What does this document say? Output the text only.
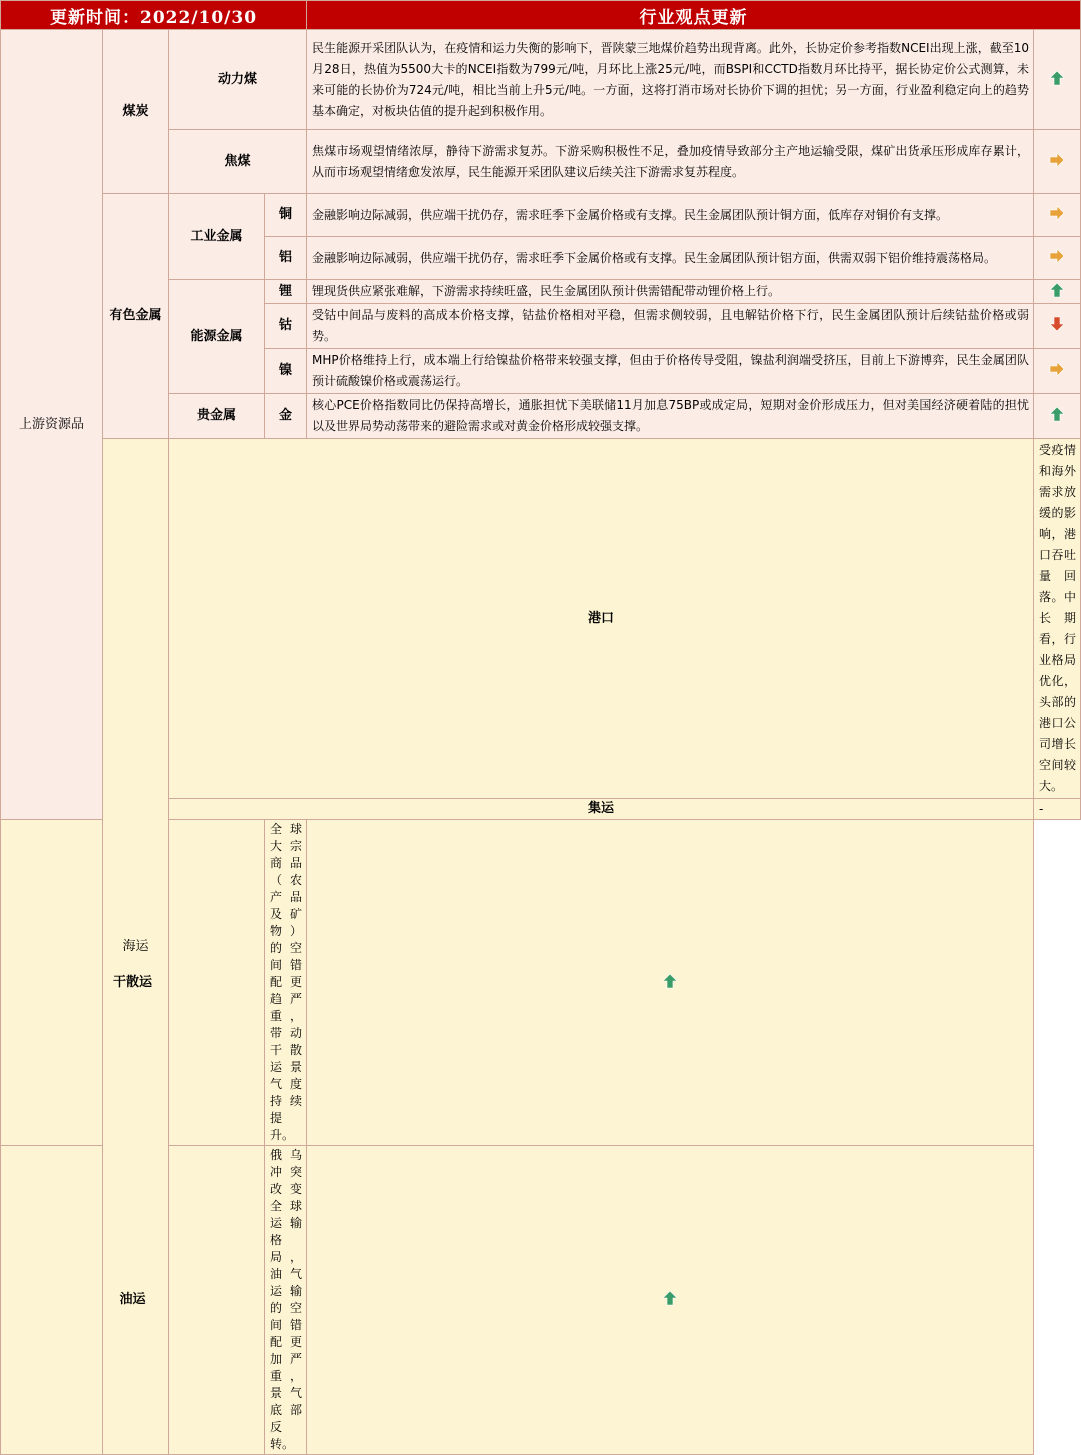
更新时间：2022/10/30				行业观点更新		
上游资源品	煤炭	动力煤		民生能源开采团队认为，在疫情和运力失衡的影响下，晋陕蒙三地煤价趋势出现背离。此外，长协定价参考指数NCEI出现上涨，截至10月28日，热值为5500大卡的NCEI指数为799元/吨，月环比上涨25元/吨，而BSPI和CCTD指数月环比持平，据长协定价公式测算，未来可能的长协价为724元/吨，相比当前上升5元/吨。一方面，这将打消市场对长协价下调的担忧；另一方面，行业盈利稳定向上的趋势基本确定，对板块估值的提升起到积极作用。	
		焦煤		焦煤市场观望情绪浓厚，静待下游需求复苏。下游采购积极性不足，叠加疫情导致部分主产地运输受限，煤矿出货承压形成库存累计，从而市场观望情绪愈发浓厚，民生能源开采团队建议后续关注下游需求复苏程度。	
	有色金属	工业金属	铜	金融影响边际减弱，供应端干扰仍存，需求旺季下金属价格或有支撑。民生金属团队预计铜方面，低库存对铜价有支撑。	
			铝	金融影响边际减弱，供应端干扰仍存，需求旺季下金属价格或有支撑。民生金属团队预计铝方面，供需双弱下铝价维持震荡格局。	
		能源金属	锂	锂现货供应紧张难解，下游需求持续旺盛，民生金属团队预计供需错配带动锂价格上行。	
			钴	受钴中间品与废料的高成本价格支撑，钴盐价格相对平稳，但需求侧较弱，且电解钴价格下行，民生金属团队预计后续钴盐价格或弱势。	
			镍	MHP价格维持上行，成本端上行给镍盐价格带来较强支撑，但由于价格传导受阻，镍盐利润端受挤压，目前上下游博弈，民生金属团队预计硫酸镍价格或震荡运行。	
		贵金属	金	核心PCE价格指数同比仍保持高增长，通胀担忧下美联储11月加息75BP或成定局，短期对金价形成压力，但对美国经济硬着陆的担忧以及世界局势动荡带来的避险需求或对黄金价格形成较强支撑。	
	海运	港口			受疫情和海外需求放缓的影响，港口吞吐量回落。中长期看，行业格局优化，头部的港口公司增长空间较大。	
		集运			-	
干散运			全球大宗商品（农产品及矿物）的空间错配更趋严重，带动干散运景气度持续提升。	
油运			俄乌冲突改变全球运输格局，油气运输的空间错配更加严重，景气底部反转。	
